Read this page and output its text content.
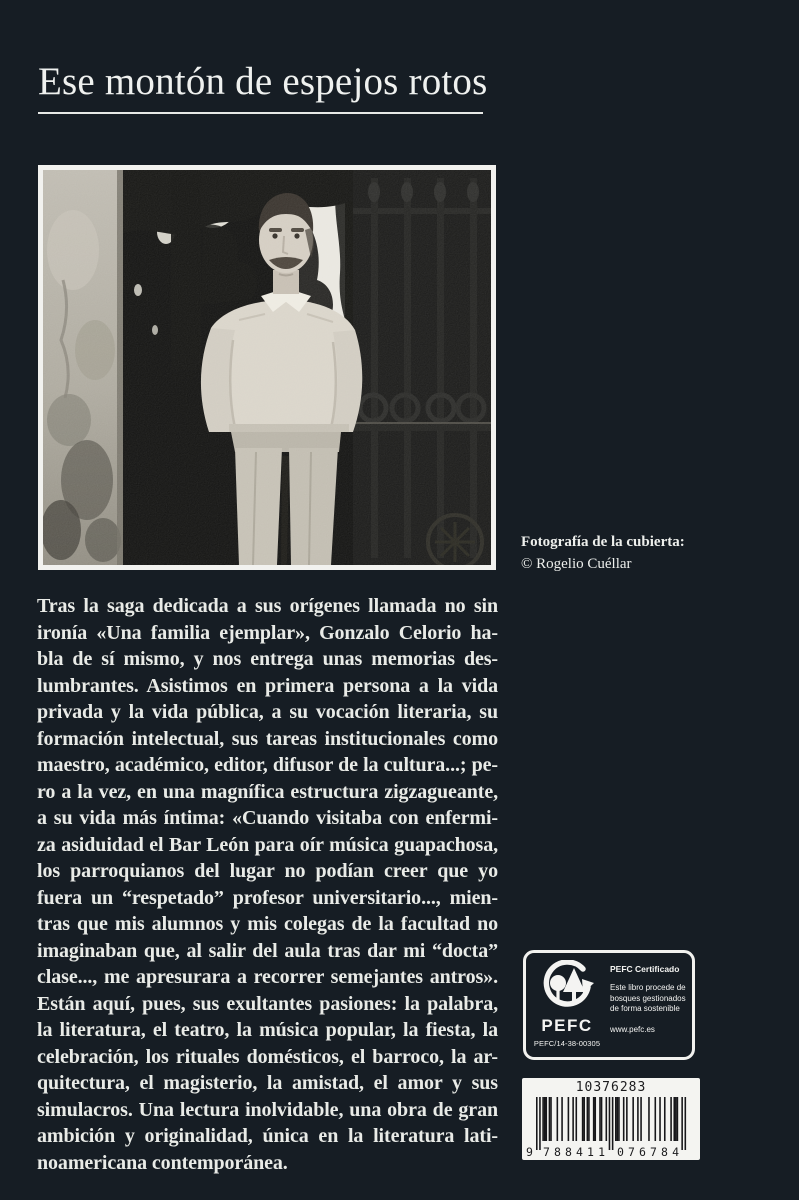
Ese montón de espejos rotos
Fotografía de la cubierta:
© Rogelio Cuéllar
Tras la saga dedicada a sus orígenes llamada no sin
ironía «Una familia ejemplar», Gonzalo Celorio ha-
bla de sí mismo, y nos entrega unas memorias des-
lumbrantes. Asistimos en primera persona a la vida
privada y la vida pública, a su vocación literaria, su
formación intelectual, sus tareas institucionales como
maestro, académico, editor, difusor de la cultura...; pe-
ro a la vez, en una magnífica estructura zigzagueante,
a su vida más íntima: «Cuando visitaba con enfermi-
za asiduidad el Bar León para oír música guapachosa,
los parroquianos del lugar no podían creer que yo
fuera un “respetado” profesor universitario..., mien-
tras que mis alumnos y mis colegas de la facultad no
imaginaban que, al salir del aula tras dar mi “docta”
clase..., me apresurara a recorrer semejantes antros».
Están aquí, pues, sus exultantes pasiones: la palabra,
la literatura, el teatro, la música popular, la fiesta, la
celebración, los rituales domésticos, el barroco, la ar-
quitectura, el magisterio, la amistad, el amor y sus
simulacros. Una lectura inolvidable, una obra de gran
ambición y originalidad, única en la literatura lati-
noamericana contemporánea.
PEFC
PEFC/14-38-00305
PEFC Certificado
Este libro procede de
bosques gestionados
de forma sostenible
www.pefc.es
10376283
9 788411 076784
